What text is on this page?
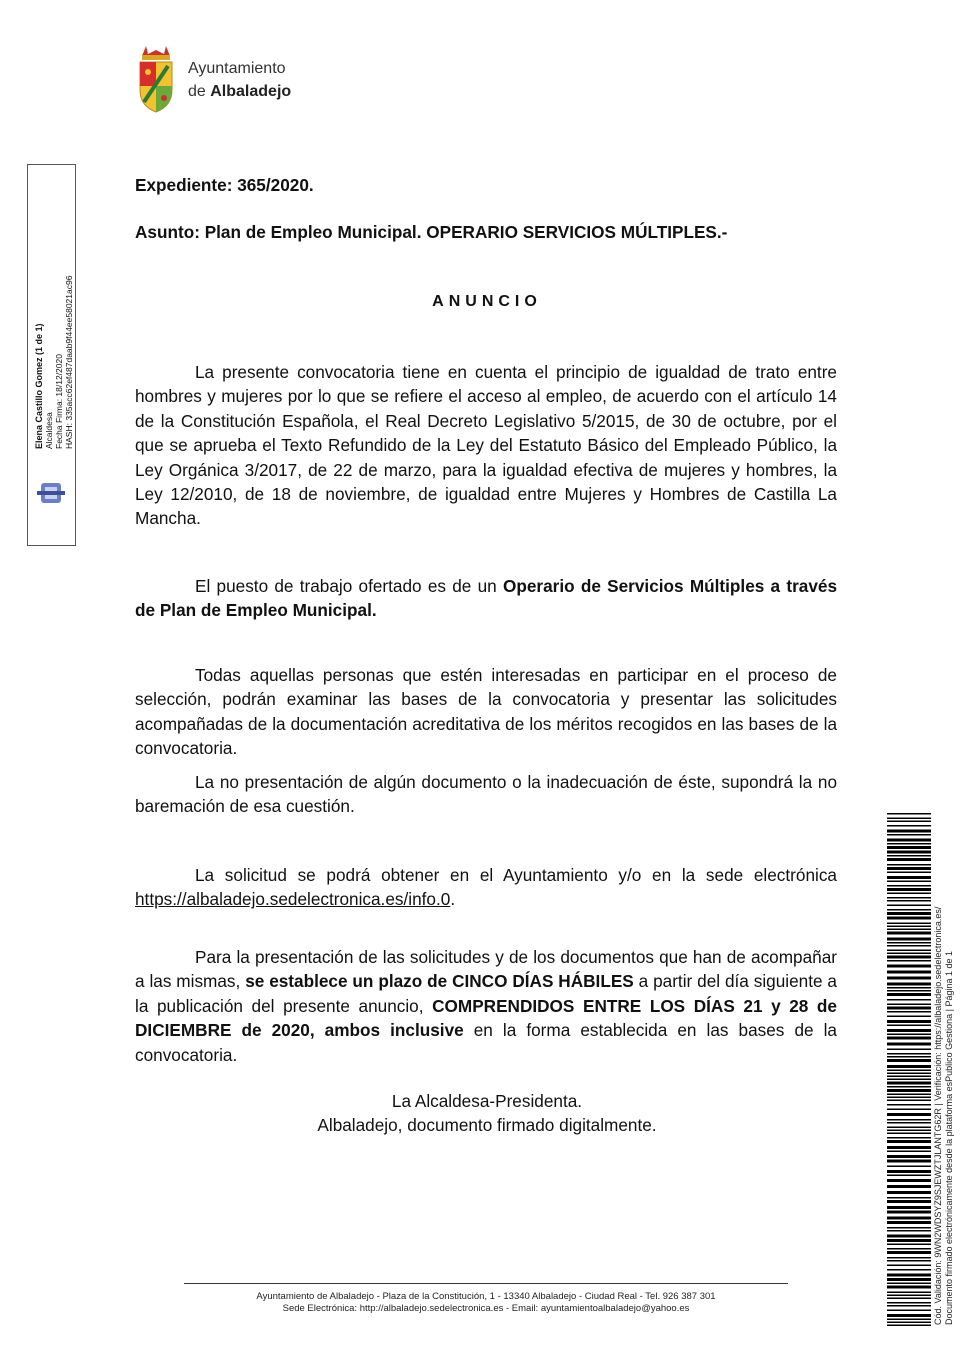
Ayuntamiento
de Albaladejo
Elena Castillo Gomez (1 de 1) Alcaldesa Fecha Firma: 18/12/2020 HASH: 335acc62ef487daab9f44ee58021ac96
Expediente: 365/2020.
Asunto: Plan de Empleo Municipal. OPERARIO SERVICIOS MÚLTIPLES.-
ANUNCIO
La presente convocatoria tiene en cuenta el principio de igualdad de trato entre hombres y mujeres por lo que se refiere el acceso al empleo, de acuerdo con el artículo 14 de la Constitución Española, el Real Decreto Legislativo 5/2015, de 30 de octubre, por el que se aprueba el Texto Refundido de la Ley del Estatuto Básico del Empleado Público, la Ley Orgánica 3/2017, de 22 de marzo, para la igualdad efectiva de mujeres y hombres, la Ley 12/2010, de 18 de noviembre, de igualdad entre Mujeres y Hombres de Castilla La Mancha.
El puesto de trabajo ofertado es de un Operario de Servicios Múltiples a través de Plan de Empleo Municipal.
Todas aquellas personas que estén interesadas en participar en el proceso de selección, podrán examinar las bases de la convocatoria y presentar las solicitudes acompañadas de la documentación acreditativa de los méritos recogidos en las bases de la convocatoria.
La no presentación de algún documento o la inadecuación de éste, supondrá la no baremación de esa cuestión.
La solicitud se podrá obtener en el Ayuntamiento y/o en la sede electrónica https://albaladejo.sedelectronica.es/info.0.
Para la presentación de las solicitudes y de los documentos que han de acompañar a las mismas, se establece un plazo de CINCO DÍAS HÁBILES a partir del día siguiente a la publicación del presente anuncio, COMPRENDIDOS ENTRE LOS DÍAS 21 y 28 de DICIEMBRE de 2020, ambos inclusive en la forma establecida en las bases de la convocatoria.
La Alcaldesa-Presidenta.
Albaladejo, documento firmado digitalmente.
Ayuntamiento de Albaladejo - Plaza de la Constitución, 1 - 13340 Albaladejo - Ciudad Real - Tel. 926 387 301
Sede Electrónica: http://albaladejo.sedelectronica.es - Email: ayuntamientoalbaladejo@yahoo.es	Cód. Validación: 9WN2WDSYZ9SJEWZTJLANTG62R | Verificación: https://albaladejo.sedelectronica.es/ Documento firmado electrónicamente desde la plataforma esPublico Gestiona | Página 1 de 1
